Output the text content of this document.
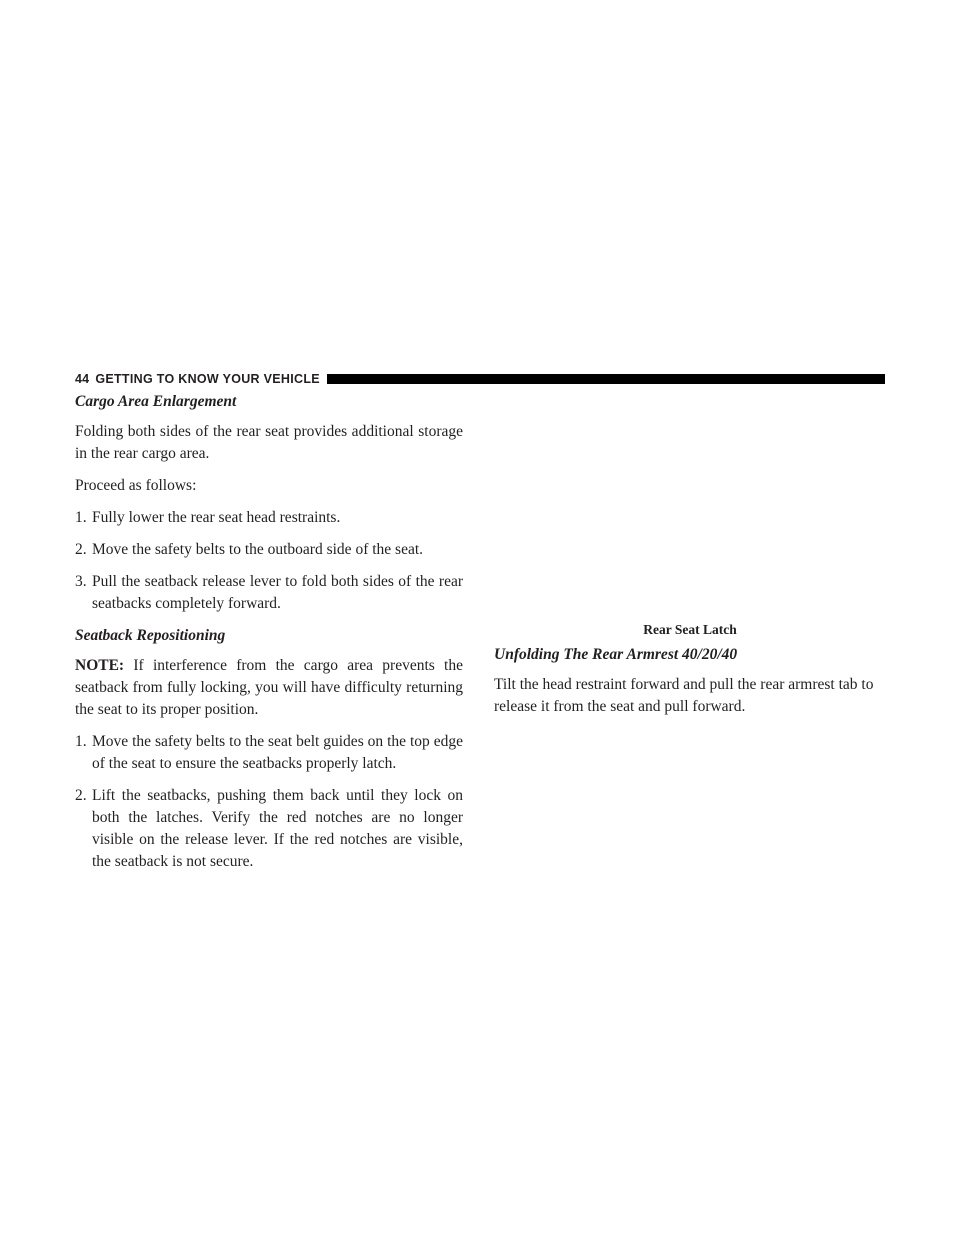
44 GETTING TO KNOW YOUR VEHICLE
Cargo Area Enlargement

Folding both sides of the rear seat provides additional storage in the rear cargo area.

Proceed as follows:

1. Fully lower the rear seat head restraints.
2. Move the safety belts to the outboard side of the seat.
3. Pull the seatback release lever to fold both sides of the rear seatbacks completely forward.
Seatback Repositioning

NOTE: If interference from the cargo area prevents the seatback from fully locking, you will have difficulty returning the seat to its proper position.

1. Move the safety belts to the seat belt guides on the top edge of the seat to ensure the seatbacks properly latch.
2. Lift the seatbacks, pushing them back until they lock on both the latches. Verify the red notches are no longer visible on the release lever. If the red notches are visible, the seatback is not secure.
Rear Seat Latch
Unfolding The Rear Armrest 40/20/40

Tilt the head restraint forward and pull the rear armrest tab to release it from the seat and pull forward.
